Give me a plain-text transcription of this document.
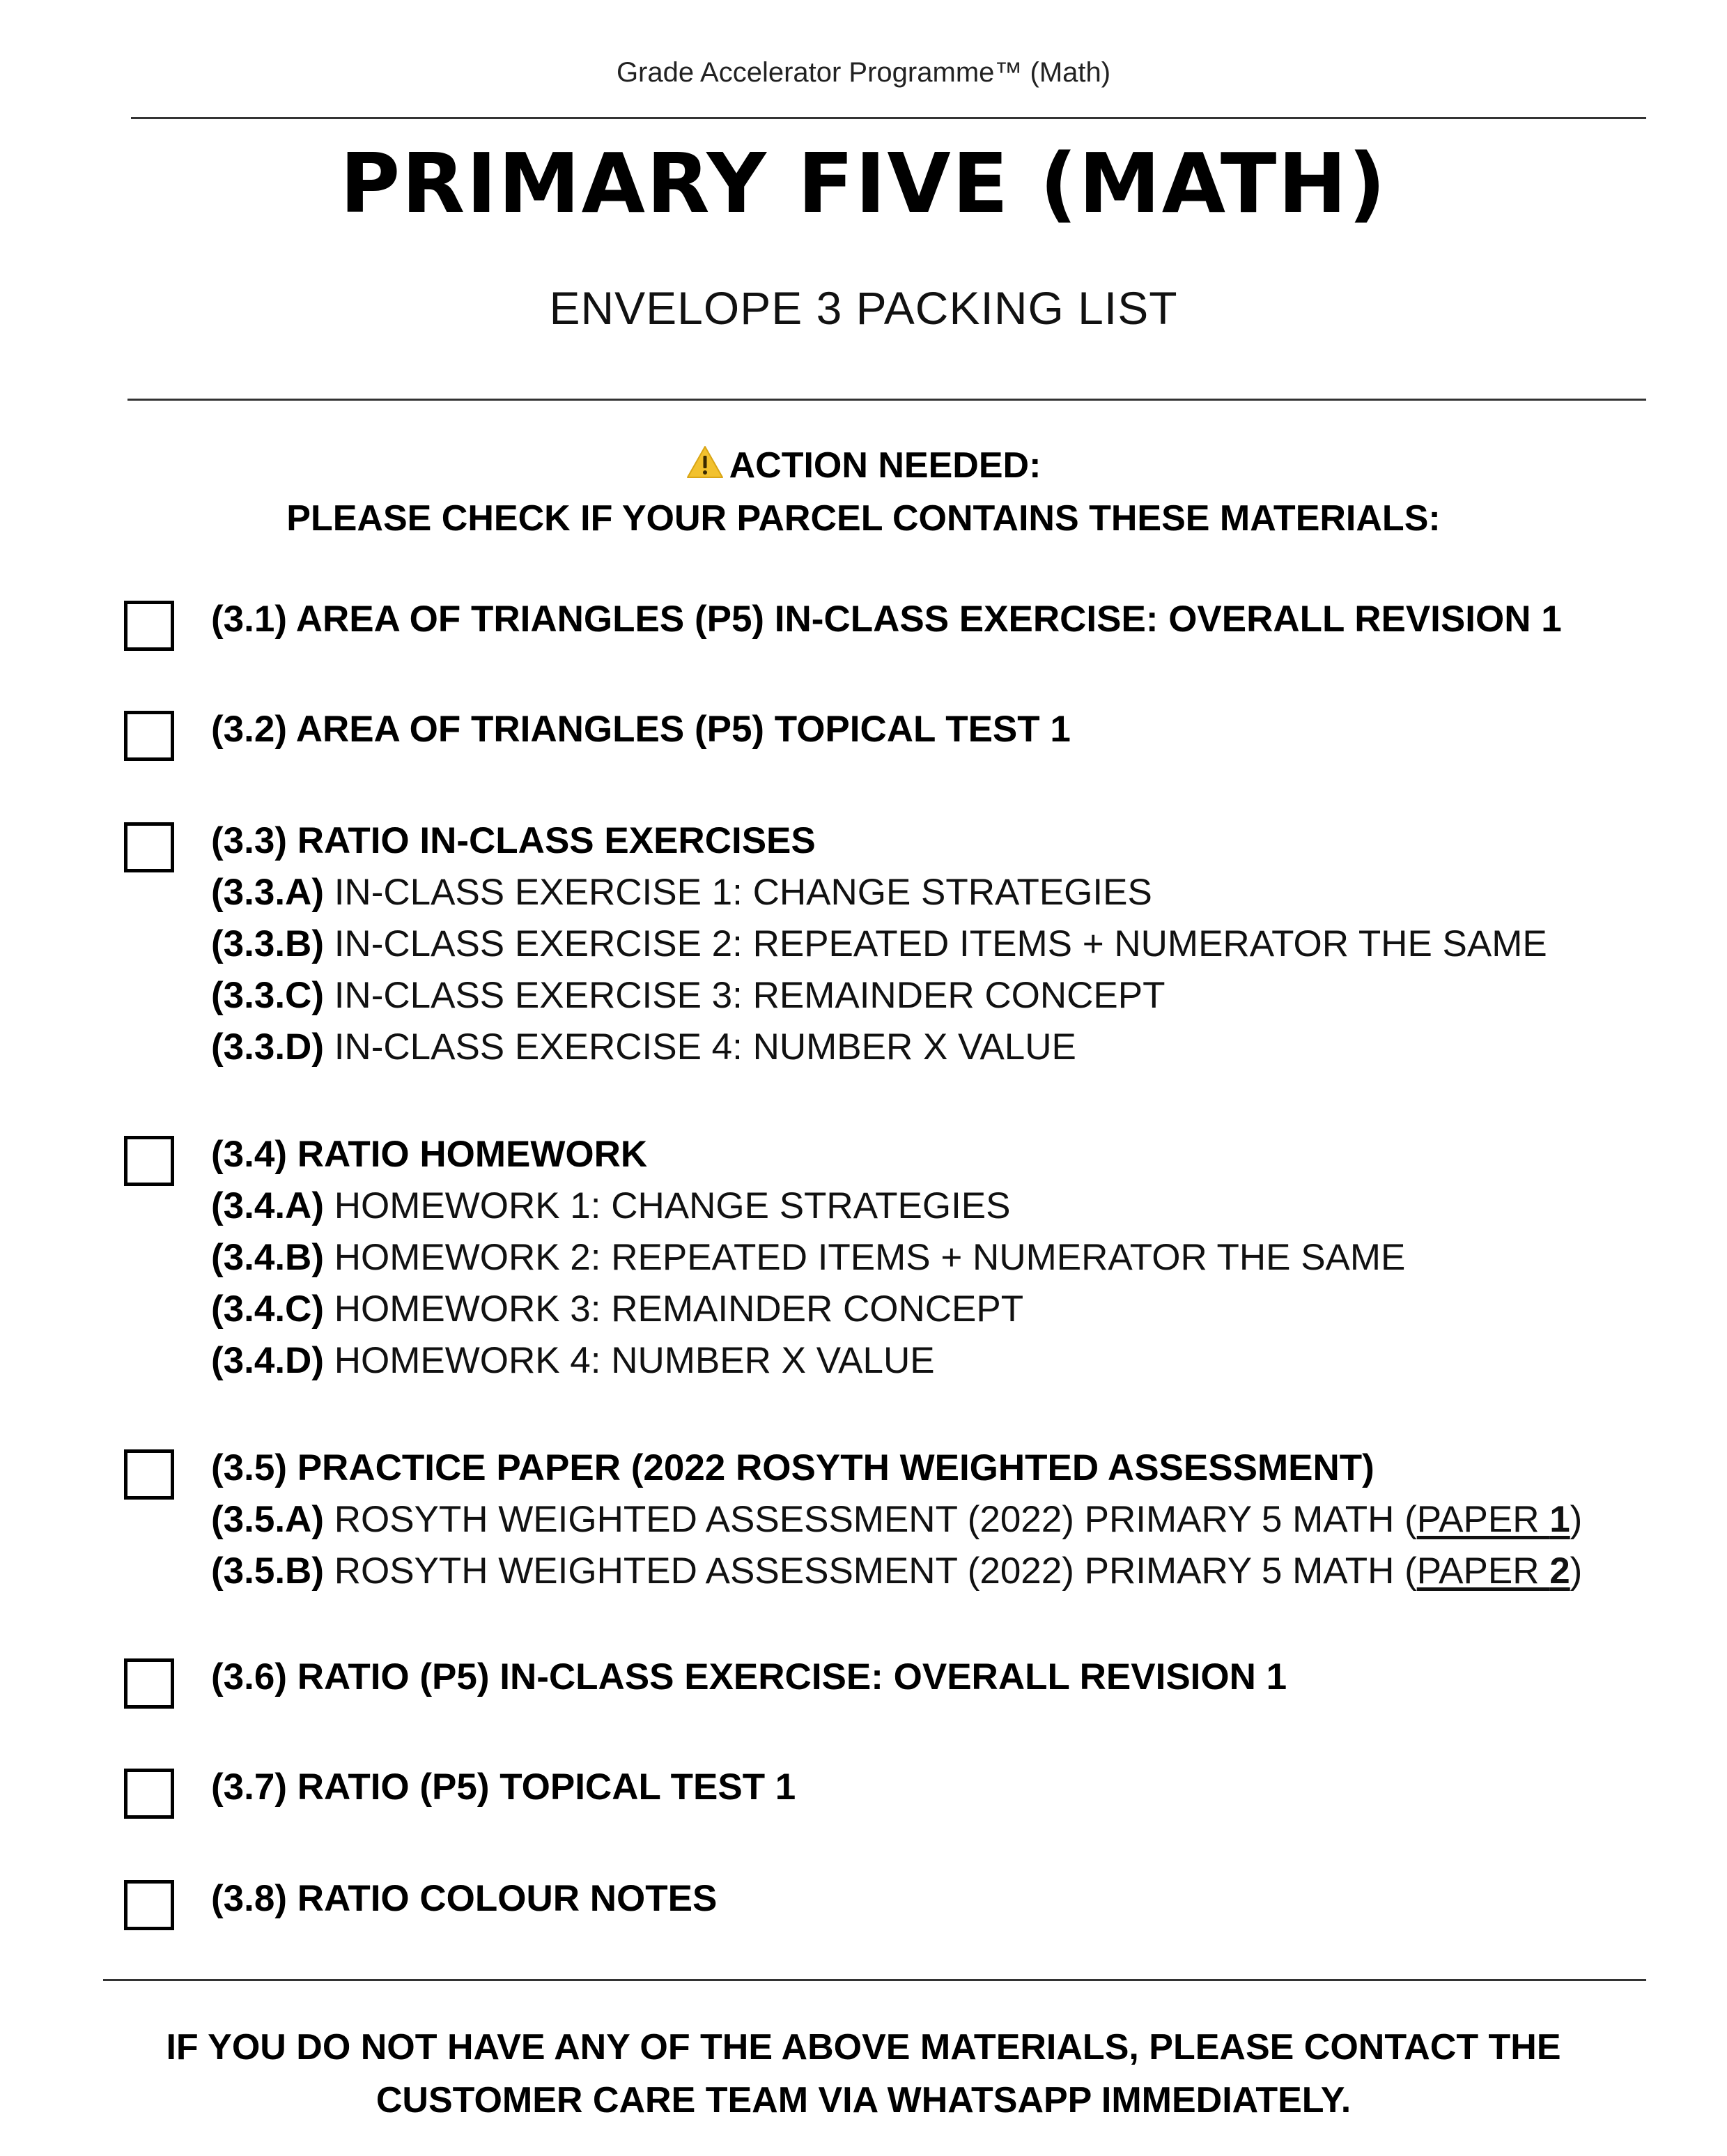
Grade Accelerator Programme™ (Math)
PRIMARY FIVE (MATH)
ENVELOPE 3 PACKING LIST
ACTION NEEDED:
PLEASE CHECK IF YOUR PARCEL CONTAINS THESE MATERIALS:
(3.1) AREA OF TRIANGLES (P5) IN-CLASS EXERCISE: OVERALL REVISION 1
(3.2) AREA OF TRIANGLES (P5) TOPICAL TEST 1
(3.3) RATIO IN-CLASS EXERCISES
(3.3.A) IN-CLASS EXERCISE 1: CHANGE STRATEGIES
(3.3.B) IN-CLASS EXERCISE 2: REPEATED ITEMS + NUMERATOR THE SAME
(3.3.C) IN-CLASS EXERCISE 3: REMAINDER CONCEPT
(3.3.D) IN-CLASS EXERCISE 4: NUMBER X VALUE
(3.4) RATIO HOMEWORK
(3.4.A) HOMEWORK 1: CHANGE STRATEGIES
(3.4.B) HOMEWORK 2: REPEATED ITEMS + NUMERATOR THE SAME
(3.4.C) HOMEWORK 3: REMAINDER CONCEPT
(3.4.D) HOMEWORK 4: NUMBER X VALUE
(3.5) PRACTICE PAPER (2022 ROSYTH WEIGHTED ASSESSMENT)
(3.5.A) ROSYTH WEIGHTED ASSESSMENT (2022) PRIMARY 5 MATH (PAPER 1)
(3.5.B) ROSYTH WEIGHTED ASSESSMENT (2022) PRIMARY 5 MATH (PAPER 2)
(3.6) RATIO (P5) IN-CLASS EXERCISE: OVERALL REVISION 1
(3.7) RATIO (P5) TOPICAL TEST 1
(3.8) RATIO COLOUR NOTES
IF YOU DO NOT HAVE ANY OF THE ABOVE MATERIALS, PLEASE CONTACT THE
CUSTOMER CARE TEAM VIA WHATSAPP IMMEDIATELY.
